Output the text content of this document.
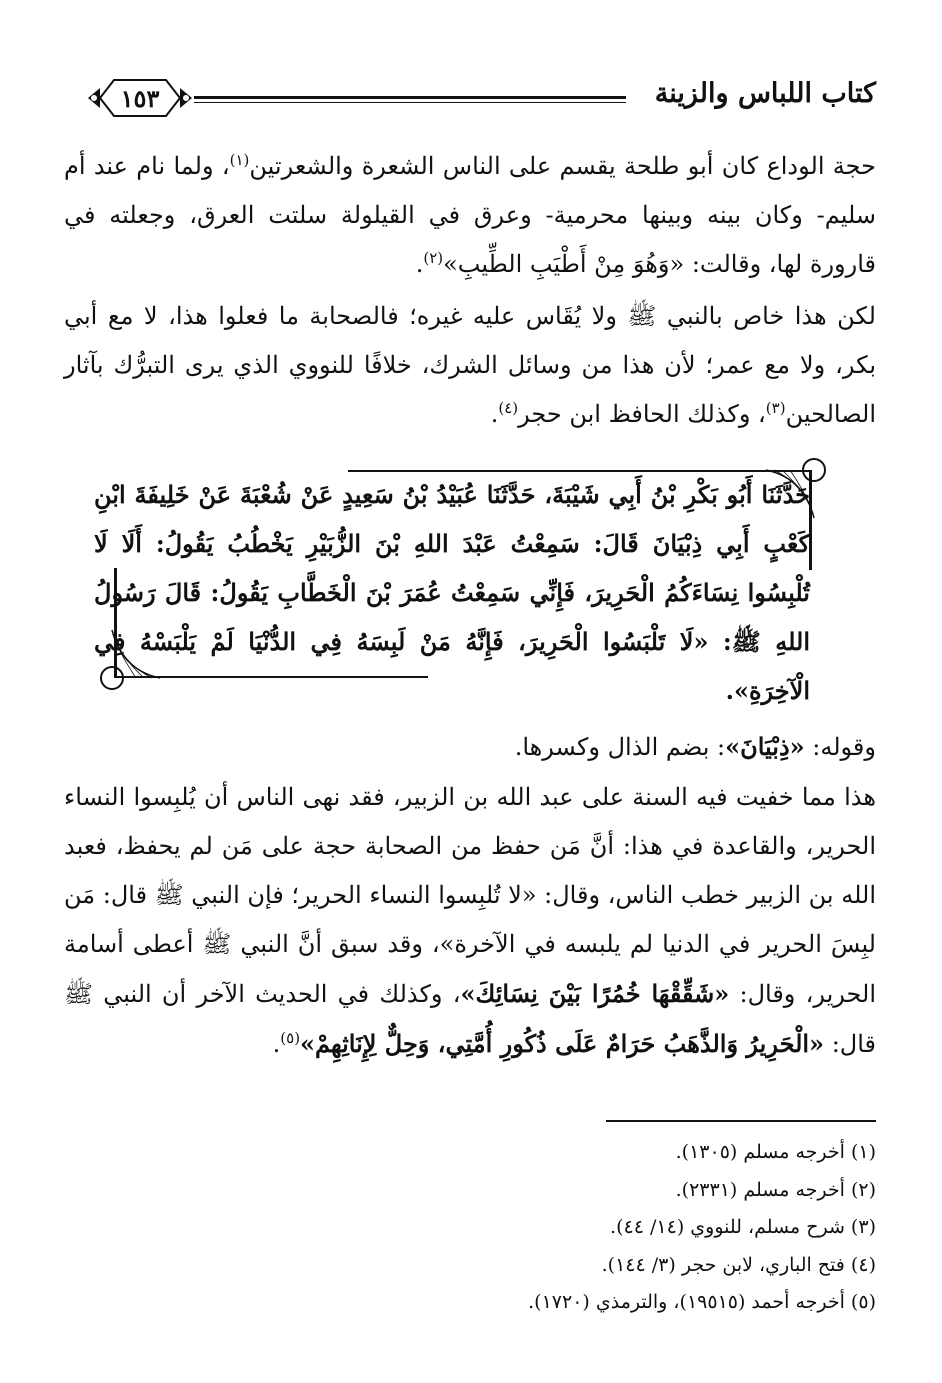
كتاب اللباس والزينة
١٥٣
حجة الوداع كان أبو طلحة يقسم على الناس الشعرة والشعرتين$^{(١)}$، ولما نام عند أم سليم- وكان بينه وبينها محرمية- وعرق في القيلولة سلتت العرق، وجعلته في قارورة لها، وقالت: «وَهُوَ مِنْ أَطْيَبِ الطِّيبِ»$^{(٢)}$.
لكن هذا خاص بالنبي ﷺ ولا يُقَاس عليه غيره؛ فالصحابة ما فعلوا هذا، لا مع أبي بكر، ولا مع عمر؛ لأن هذا من وسائل الشرك، خلافًا للنووي الذي يرى التبرُّك بآثار الصالحين$^{(٣)}$، وكذلك الحافظ ابن حجر$^{(٤)}$.
حَدَّثَنَا أَبُو بَكْرِ بْنُ أَبِي شَيْبَةَ، حَدَّثَنَا عُبَيْدُ بْنُ سَعِيدٍ عَنْ شُعْبَةَ عَنْ خَلِيفَةَ ابْنِ كَعْبٍ أَبِي ذِبْيَانَ قَالَ: سَمِعْتُ عَبْدَ اللهِ بْنَ الزُّبَيْرِ يَخْطُبُ يَقُولُ: أَلَا لَا تُلْبِسُوا نِسَاءَكُمُ الْحَرِيرَ، فَإِنِّي سَمِعْتُ عُمَرَ بْنَ الْخَطَّابِ يَقُولُ: قَالَ رَسُولُ اللهِ ﷺ: «لَا تَلْبَسُوا الْحَرِيرَ، فَإِنَّهُ مَنْ لَبِسَهُ فِي الدُّنْيَا لَمْ يَلْبَسْهُ فِي الْآخِرَةِ».
وقوله: «ذِبْيَانَ»: بضم الذال وكسرها.
هذا مما خفيت فيه السنة على عبد الله بن الزبير، فقد نهى الناس أن يُلبِسوا النساء الحرير، والقاعدة في هذا: أنَّ مَن حفظ من الصحابة حجة على مَن لم يحفظ، فعبد الله بن الزبير خطب الناس، وقال: «لا تُلبِسوا النساء الحرير؛ فإن النبي ﷺ قال: مَن لبِسَ الحرير في الدنيا لم يلبسه في الآخرة»، وقد سبق أنَّ النبي ﷺ أعطى أسامة الحرير، وقال: «شَقِّقْهَا خُمُرًا بَيْنَ نِسَائِكَ»، وكذلك في الحديث الآخر أن النبي ﷺ قال: «الْحَرِيرُ وَالذَّهَبُ حَرَامٌ عَلَى ذُكُورِ أُمَّتِي، وَحِلٌّ لِإِنَاثِهِمْ»$^{(٥)}$.
(١) أخرجه مسلم (١٣٠٥).
(٢) أخرجه مسلم (٢٣٣١).
(٣) شرح مسلم، للنووي (١٤/ ٤٤).
(٤) فتح الباري، لابن حجر (٣/ ١٤٤).
(٥) أخرجه أحمد (١٩٥١٥)، والترمذي (١٧٢٠).
